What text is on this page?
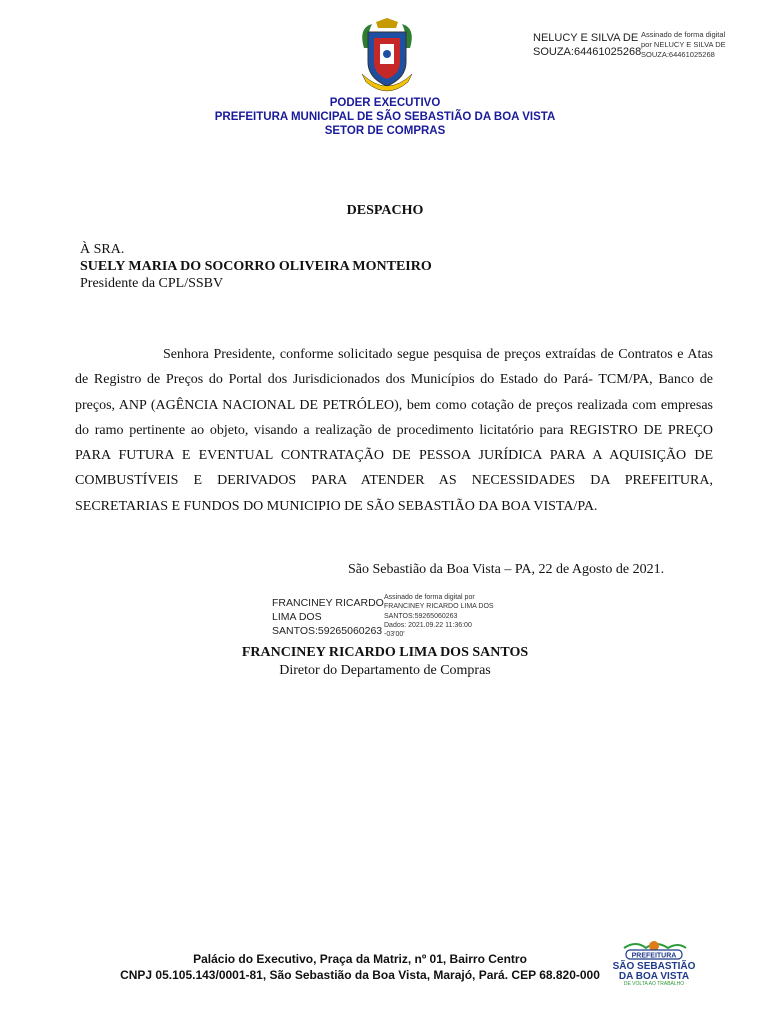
NELUCY E SILVA DE
SOUZA:64461025268
Assinado de forma digital
por NELUCY E SILVA DE
SOUZA:64461025268
PODER EXECUTIVO
PREFEITURA MUNICIPAL DE SÃO SEBASTIÃO DA BOA VISTA
SETOR DE COMPRAS
DESPACHO
À SRA.
SUELY MARIA DO SOCORRO OLIVEIRA MONTEIRO
Presidente da CPL/SSBV

Senhora Presidente, conforme solicitado segue pesquisa de preços extraídas de Contratos e Atas de Registro de Preços do Portal dos Jurisdicionados dos Municípios do Estado do Pará- TCM/PA, Banco de preços, ANP (AGÊNCIA NACIONAL DE PETRÓLEO), bem como cotação de preços realizada com empresas do ramo pertinente ao objeto, visando a realização de procedimento licitatório para REGISTRO DE PREÇO PARA FUTURA E EVENTUAL CONTRATAÇÃO DE PESSOA JURÍDICA PARA A AQUISIÇÃO DE COMBUSTÍVEIS E DERIVADOS PARA ATENDER AS NECESSIDADES DA PREFEITURA, SECRETARIAS E FUNDOS DO MUNICIPIO DE SÃO SEBASTIÃO DA BOA VISTA/PA.

São Sebastião da Boa Vista – PA, 22 de Agosto de 2021.
FRANCINEY RICARDO
LIMA DOS
SANTOS:59265060263
Assinado de forma digital por
FRANCINEY RICARDO LIMA DOS
SANTOS:59265060263
Dados: 2021.09.22 11:36:00
-03'00'
FRANCINEY RICARDO LIMA DOS SANTOS
Diretor do Departamento de Compras
Palácio do Executivo, Praça da Matriz, nº 01, Bairro Centro
CNPJ 05.105.143/0001-81, São Sebastião da Boa Vista, Marajó, Pará. CEP 68.820-000
PREFEITURA
SÃO SEBASTIÃO
DA BOA VISTA
DE VOLTA AO TRABALHO
